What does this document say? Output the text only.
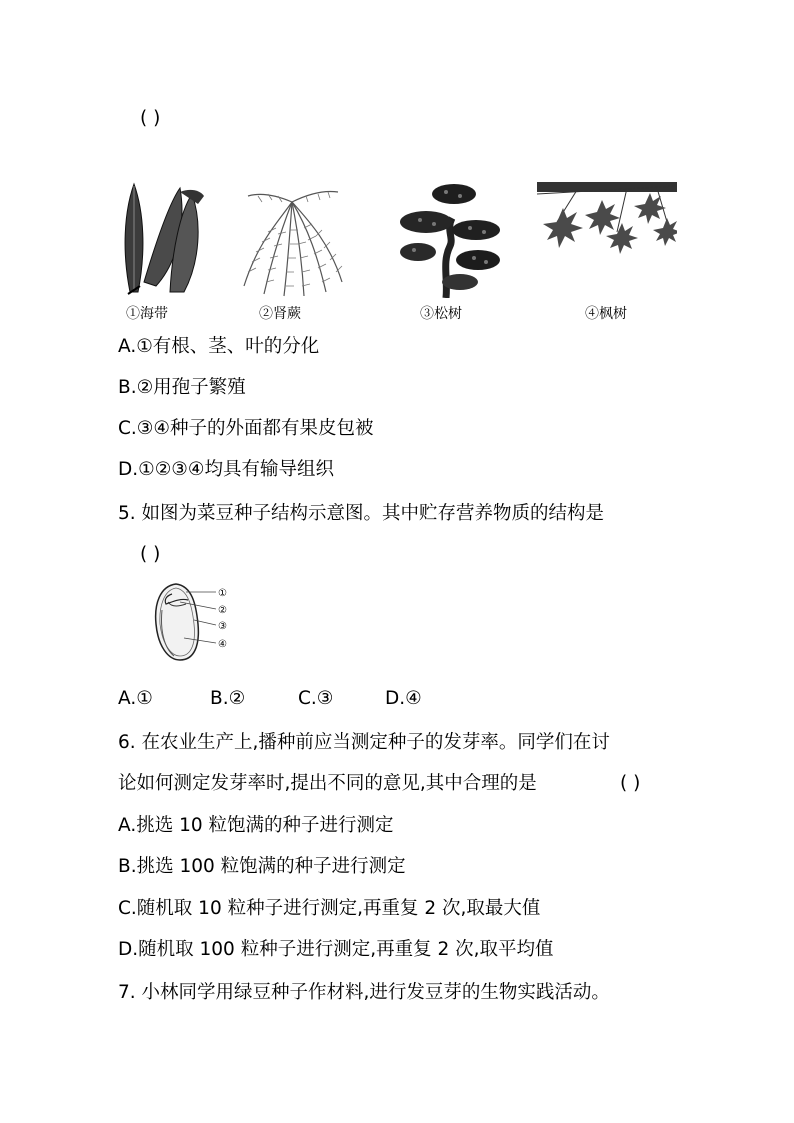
( )
①海带	②肾蕨	③松树	④枫树
A.①有根、茎、叶的分化
B.②用孢子繁殖
C.③④种子的外面都有果皮包被
D.①②③④均具有输导组织
5. 如图为菜豆种子结构示意图。其中贮存营养物质的结构是
( )
①
②
③
④
A.①	B.②	C.③	D.④
6. 在农业生产上,播种前应当测定种子的发芽率。同学们在讨
论如何测定发芽率时,提出不同的意见,其中合理的是	( )
A.挑选 10 粒饱满的种子进行测定
B.挑选 100 粒饱满的种子进行测定
C.随机取 10 粒种子进行测定,再重复 2 次,取最大值
D.随机取 100 粒种子进行测定,再重复 2 次,取平均值
7. 小林同学用绿豆种子作材料,进行发豆芽的生物实践活动。
